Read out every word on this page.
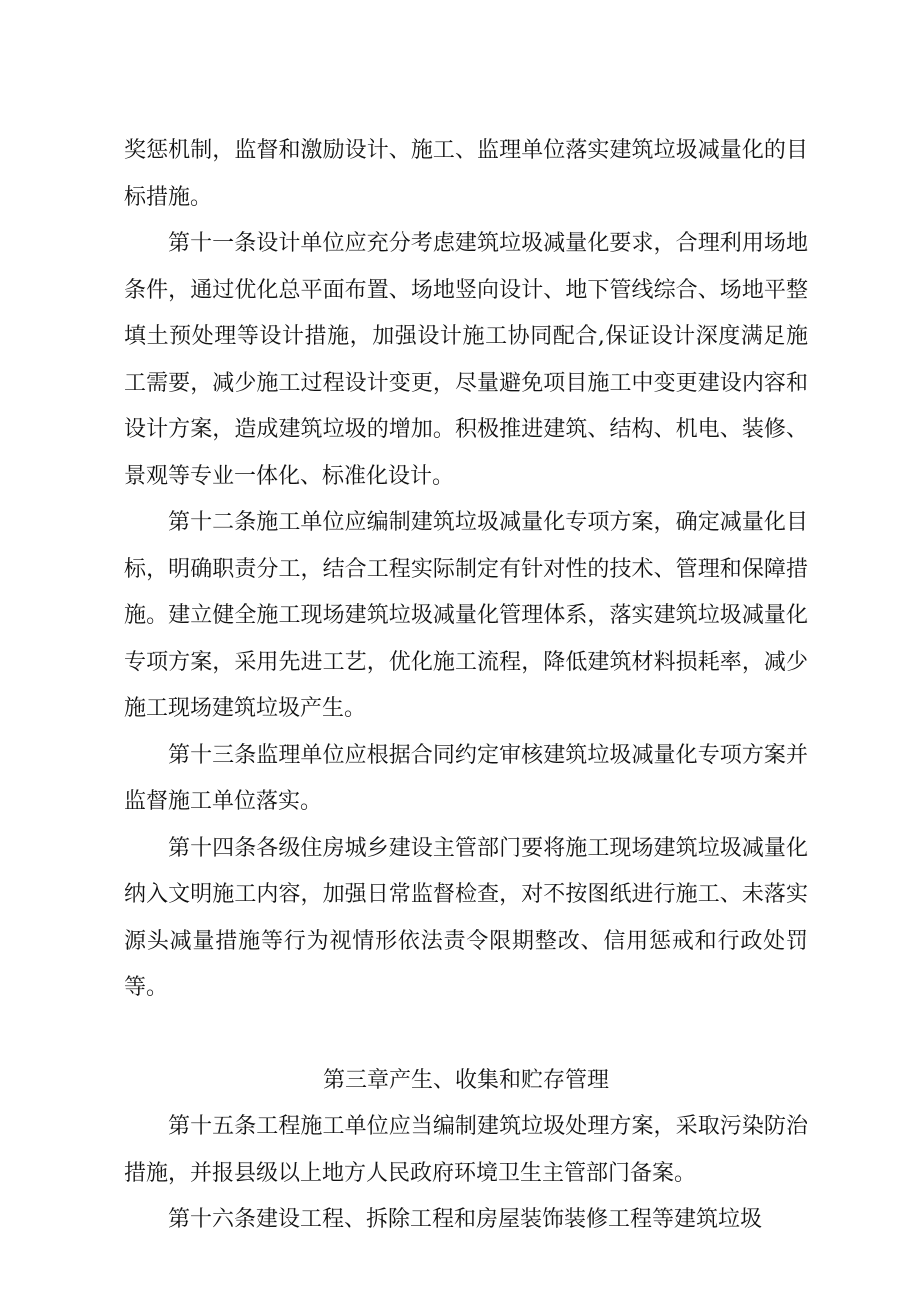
奖惩机制，监督和激励设计、施工、监理单位落实建筑垃圾减量化的目标措施。

第十一条设计单位应充分考虑建筑垃圾减量化要求，合理利用场地条件，通过优化总平面布置、场地竖向设计、地下管线综合、场地平整填土预处理等设计措施，加强设计施工协同配合,保证设计深度满足施工需要，减少施工过程设计变更，尽量避免项目施工中变更建设内容和设计方案，造成建筑垃圾的增加。积极推进建筑、结构、机电、装修、景观等专业一体化、标准化设计。

第十二条施工单位应编制建筑垃圾减量化专项方案，确定减量化目标，明确职责分工，结合工程实际制定有针对性的技术、管理和保障措施。建立健全施工现场建筑垃圾减量化管理体系，落实建筑垃圾减量化专项方案，采用先进工艺，优化施工流程，降低建筑材料损耗率，减少施工现场建筑垃圾产生。

第十三条监理单位应根据合同约定审核建筑垃圾减量化专项方案并监督施工单位落实。

第十四条各级住房城乡建设主管部门要将施工现场建筑垃圾减量化纳入文明施工内容，加强日常监督检查，对不按图纸进行施工、未落实源头减量措施等行为视情形依法责令限期整改、信用惩戒和行政处罚等。

第三章产生、收集和贮存管理

第十五条工程施工单位应当编制建筑垃圾处理方案，采取污染防治措施，并报县级以上地方人民政府环境卫生主管部门备案。

第十六条建设工程、拆除工程和房屋装饰装修工程等建筑垃圾
